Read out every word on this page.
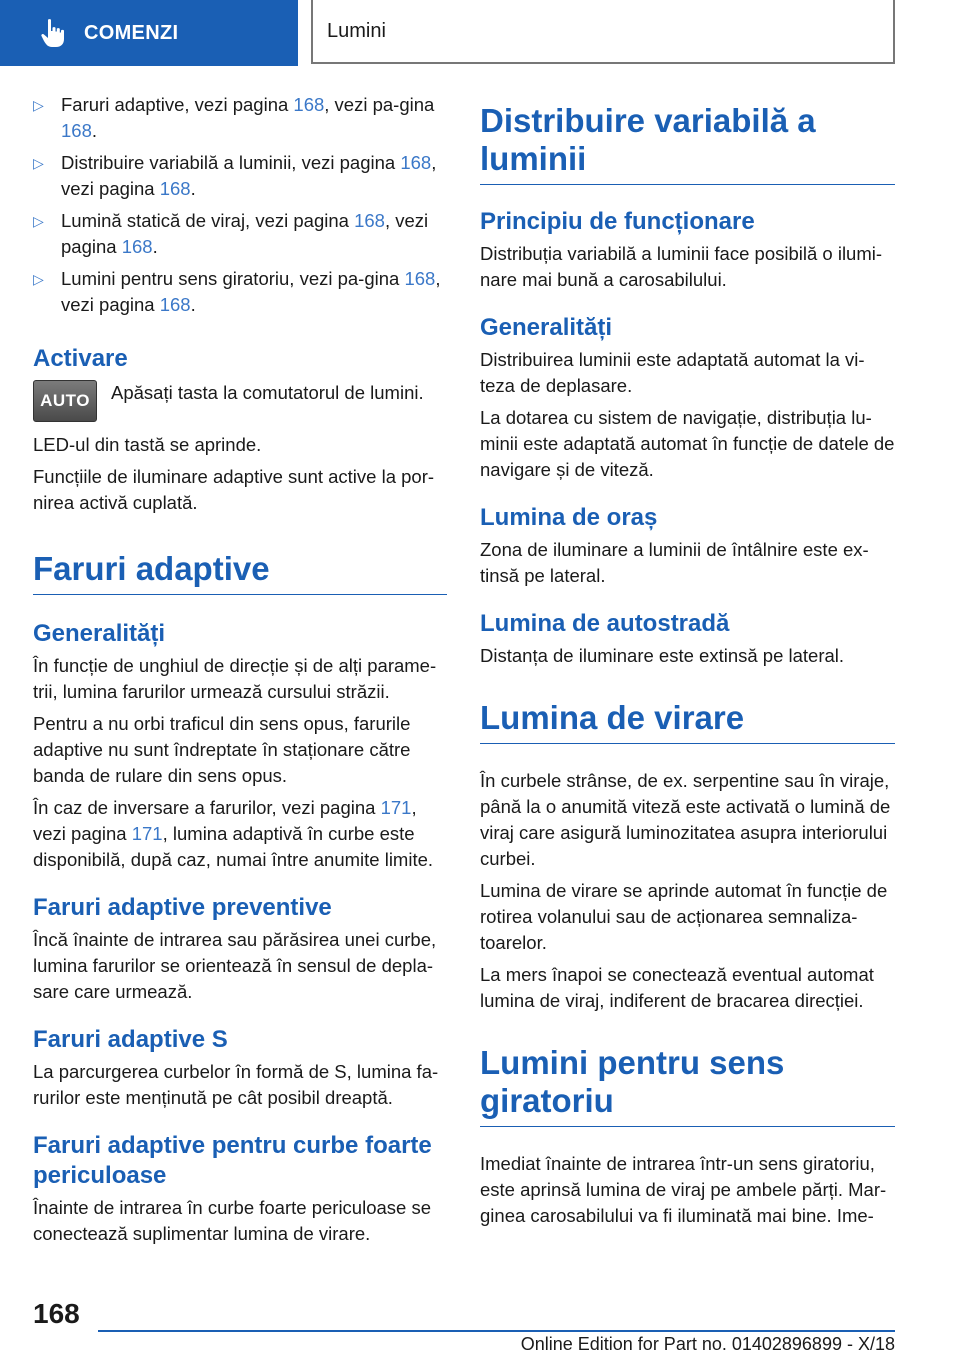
COMENZI	Lumini
▷ Faruri adaptive, vezi pagina 168, vezi pa-gina 168.
▷ Distribuire variabilă a luminii, vezi pagina 168, vezi pagina 168.
▷ Lumină statică de viraj, vezi pagina 168, vezi pagina 168.
▷ Lumini pentru sens giratoriu, vezi pa-gina 168, vezi pagina 168.
Activare
AUTO	Apăsați tasta la comutatorul de lumini.

LED-ul din tastă se aprinde.

Funcțiile de iluminare adaptive sunt active la por-nirea activă cuplată.

Faruri adaptive
Generalități

În funcție de unghiul de direcție și de alți parame-trii, lumina farurilor urmează cursului străzii.

Pentru a nu orbi traficul din sens opus, farurile adaptive nu sunt îndreptate în staționare către banda de rulare din sens opus.

În caz de inversare a farurilor, vezi pagina 171, vezi pagina 171, lumina adaptivă în curbe este disponibilă, după caz, numai între anumite limite.

Faruri adaptive preventive

Încă înainte de intrarea sau părăsirea unei curbe, lumina farurilor se orientează în sensul de depla-sare care urmează.

Faruri adaptive S

La parcurgerea curbelor în formă de S, lumina fa-rurilor este menținută pe cât posibil dreaptă.

Faruri adaptive pentru curbe foarte periculoase

Înainte de intrarea în curbe foarte periculoase se conectează suplimentar lumina de virare.

Distribuire variabilă a luminii
Principiu de funcționare

Distribuția variabilă a luminii face posibilă o ilumi-nare mai bună a carosabilului.

Generalități

Distribuirea luminii este adaptată automat la vi-teza de deplasare.

La dotarea cu sistem de navigație, distribuția lu-minii este adaptată automat în funcție de datele de navigare și de viteză.

Lumina de oraș

Zona de iluminare a luminii de întâlnire este ex-tinsă pe lateral.

Lumina de autostradă

Distanța de iluminare este extinsă pe lateral.

Lumina de virare

În curbele strânse, de ex. serpentine sau în viraje, până la o anumită viteză este activată o lumină de viraj care asigură luminozitatea asupra interiorului curbei.

Lumina de virare se aprinde automat în funcție de rotirea volanului sau de acționarea semnaliza-toarelor.

La mers înapoi se conectează eventual automat lumina de viraj, indiferent de bracarea direcției.

Lumini pentru sens giratoriu

Imediat înainte de intrarea într-un sens giratoriu, este aprinsă lumina de viraj pe ambele părți. Mar-ginea carosabilului va fi iluminată mai bine. Ime-

168
Online Edition for Part no. 01402896899 - X/18
